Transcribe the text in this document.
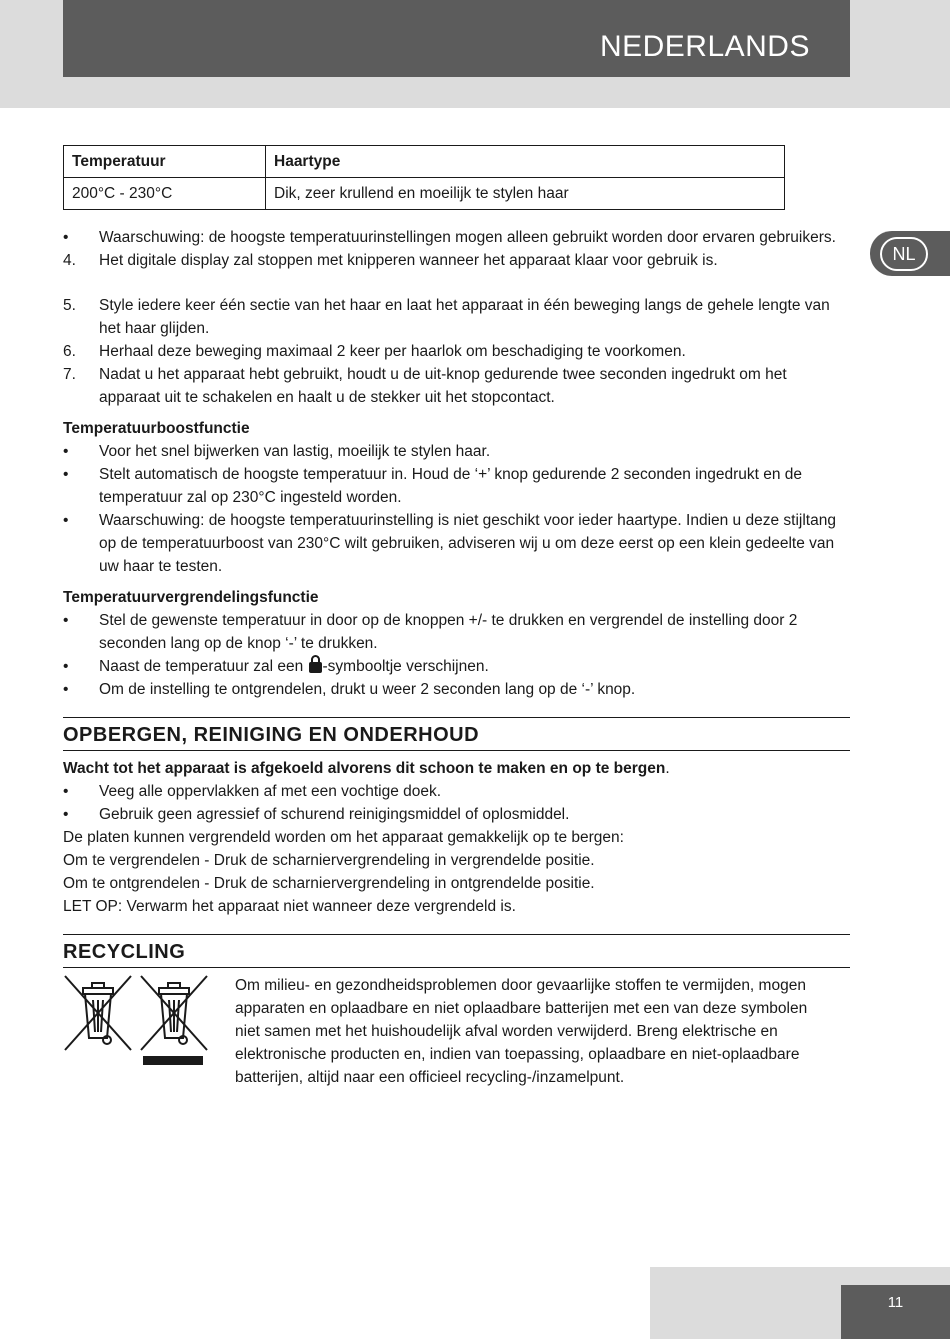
NEDERLANDS
NL
Temperatuur	Haartype
200°C - 230°C	Dik, zeer krullend en moeilijk te stylen haar
•	Waarschuwing: de hoogste temperatuurinstellingen mogen alleen gebruikt worden door ervaren gebruikers.
4.	Het digitale display zal stoppen met knipperen wanneer het apparaat klaar voor gebruik is.
5.	Style iedere keer één sectie van het haar en laat het apparaat in één beweging langs de gehele lengte van het haar glijden.
6.	Herhaal deze beweging maximaal 2 keer per haarlok om beschadiging te voorkomen.
7.	Nadat u het apparaat hebt gebruikt, houdt u de uit-knop gedurende twee seconden ingedrukt om het apparaat uit te schakelen en haalt u de stekker uit het stopcontact.
Temperatuurboostfunctie
•	Voor het snel bijwerken van lastig, moeilijk te stylen haar.
•	Stelt automatisch de hoogste temperatuur in. Houd de ‘+’ knop gedurende 2 seconden ingedrukt en de temperatuur zal op 230°C ingesteld worden.
•	Waarschuwing: de hoogste temperatuurinstelling is niet geschikt voor ieder haartype. Indien u deze stijltang op de temperatuurboost van 230°C wilt gebruiken, adviseren wij u om deze eerst op een klein gedeelte van uw haar te testen.
Temperatuurvergrendelingsfunctie
•	Stel de gewenste temperatuur in door op de knoppen +/- te drukken en vergrendel de instelling door 2 seconden lang op de knop ‘-’ te drukken.
•	Naast de temperatuur zal een -symbooltje verschijnen.
•	Om de instelling te ontgrendelen, drukt u weer 2 seconden lang op de ‘-’ knop.
OPBERGEN, REINIGING EN ONDERHOUD
Wacht tot het apparaat is afgekoeld alvorens dit schoon te maken en op te bergen.
•	Veeg alle oppervlakken af met een vochtige doek.
•	Gebruik geen agressief of schurend reinigingsmiddel of oplosmiddel.
De platen kunnen vergrendeld worden om het apparaat gemakkelijk op te bergen:
Om te vergrendelen - Druk de scharniervergrendeling in vergrendelde positie.
Om te ontgrendelen - Druk de scharniervergrendeling in ontgrendelde positie.
LET OP: Verwarm het apparaat niet wanneer deze vergrendeld is.
RECYCLING
Om milieu- en gezondheidsproblemen door gevaarlijke stoffen te vermijden, mogen apparaten en oplaadbare en niet oplaadbare batterijen met een van deze symbolen niet samen met het huishoudelijk afval worden verwijderd. Breng elektrische en elektronische producten en, indien van toepassing, oplaadbare en niet-oplaadbare batterijen, altijd naar een officieel recycling-/inzamelpunt.
11
